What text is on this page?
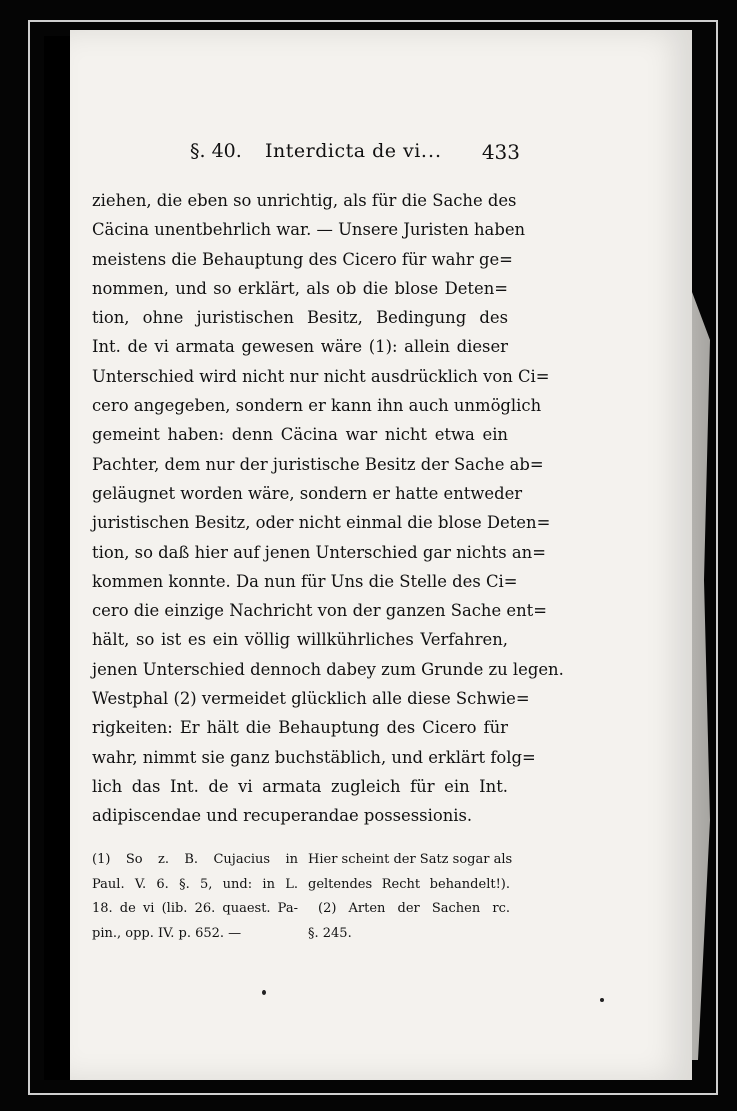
§. 40. Interdicta de vi. .. 433
ziehen, die eben so unrichtig, als für die Sache des
Cäcina unentbehrlich war. — Unsere Juristen haben
meistens die Behauptung des Cicero für wahr ge=
nommen, und so erklärt, als ob die blose Deten=
tion, ohne juristischen Besitz, Bedingung des
Int. de vi armata gewesen wäre (1): allein dieser
Unterschied wird nicht nur nicht ausdrücklich von Ci=
cero angegeben, sondern er kann ihn auch unmöglich
gemeint haben: denn Cäcina war nicht etwa ein
Pachter, dem nur der juristische Besitz der Sache ab=
geläugnet worden wäre, sondern er hatte entweder
juristischen Besitz, oder nicht einmal die blose Deten=
tion, so daß hier auf jenen Unterschied gar nichts an=
kommen konnte. Da nun für Uns die Stelle des Ci=
cero die einzige Nachricht von der ganzen Sache ent=
hält, so ist es ein völlig willkührliches Verfahren,
jenen Unterschied dennoch dabey zum Grunde zu legen.
Westphal (2) vermeidet glücklich alle diese Schwie=
rigkeiten: Er hält die Behauptung des Cicero für
wahr, nimmt sie ganz buchstäblich, und erklärt folg=
lich das Int. de vi armata zugleich für ein Int.
adipiscendae und recuperandae possessionis.
(1) So z. B. Cujacius in
Paul. V. 6. §. 5, und: in L.
18. de vi (lib. 26. quaest. Pa-
pin., opp. IV. p. 652. —
Hier scheint der Satz sogar als
geltendes Recht behandelt!).
(2) Arten der Sachen rc.
§. 245.
